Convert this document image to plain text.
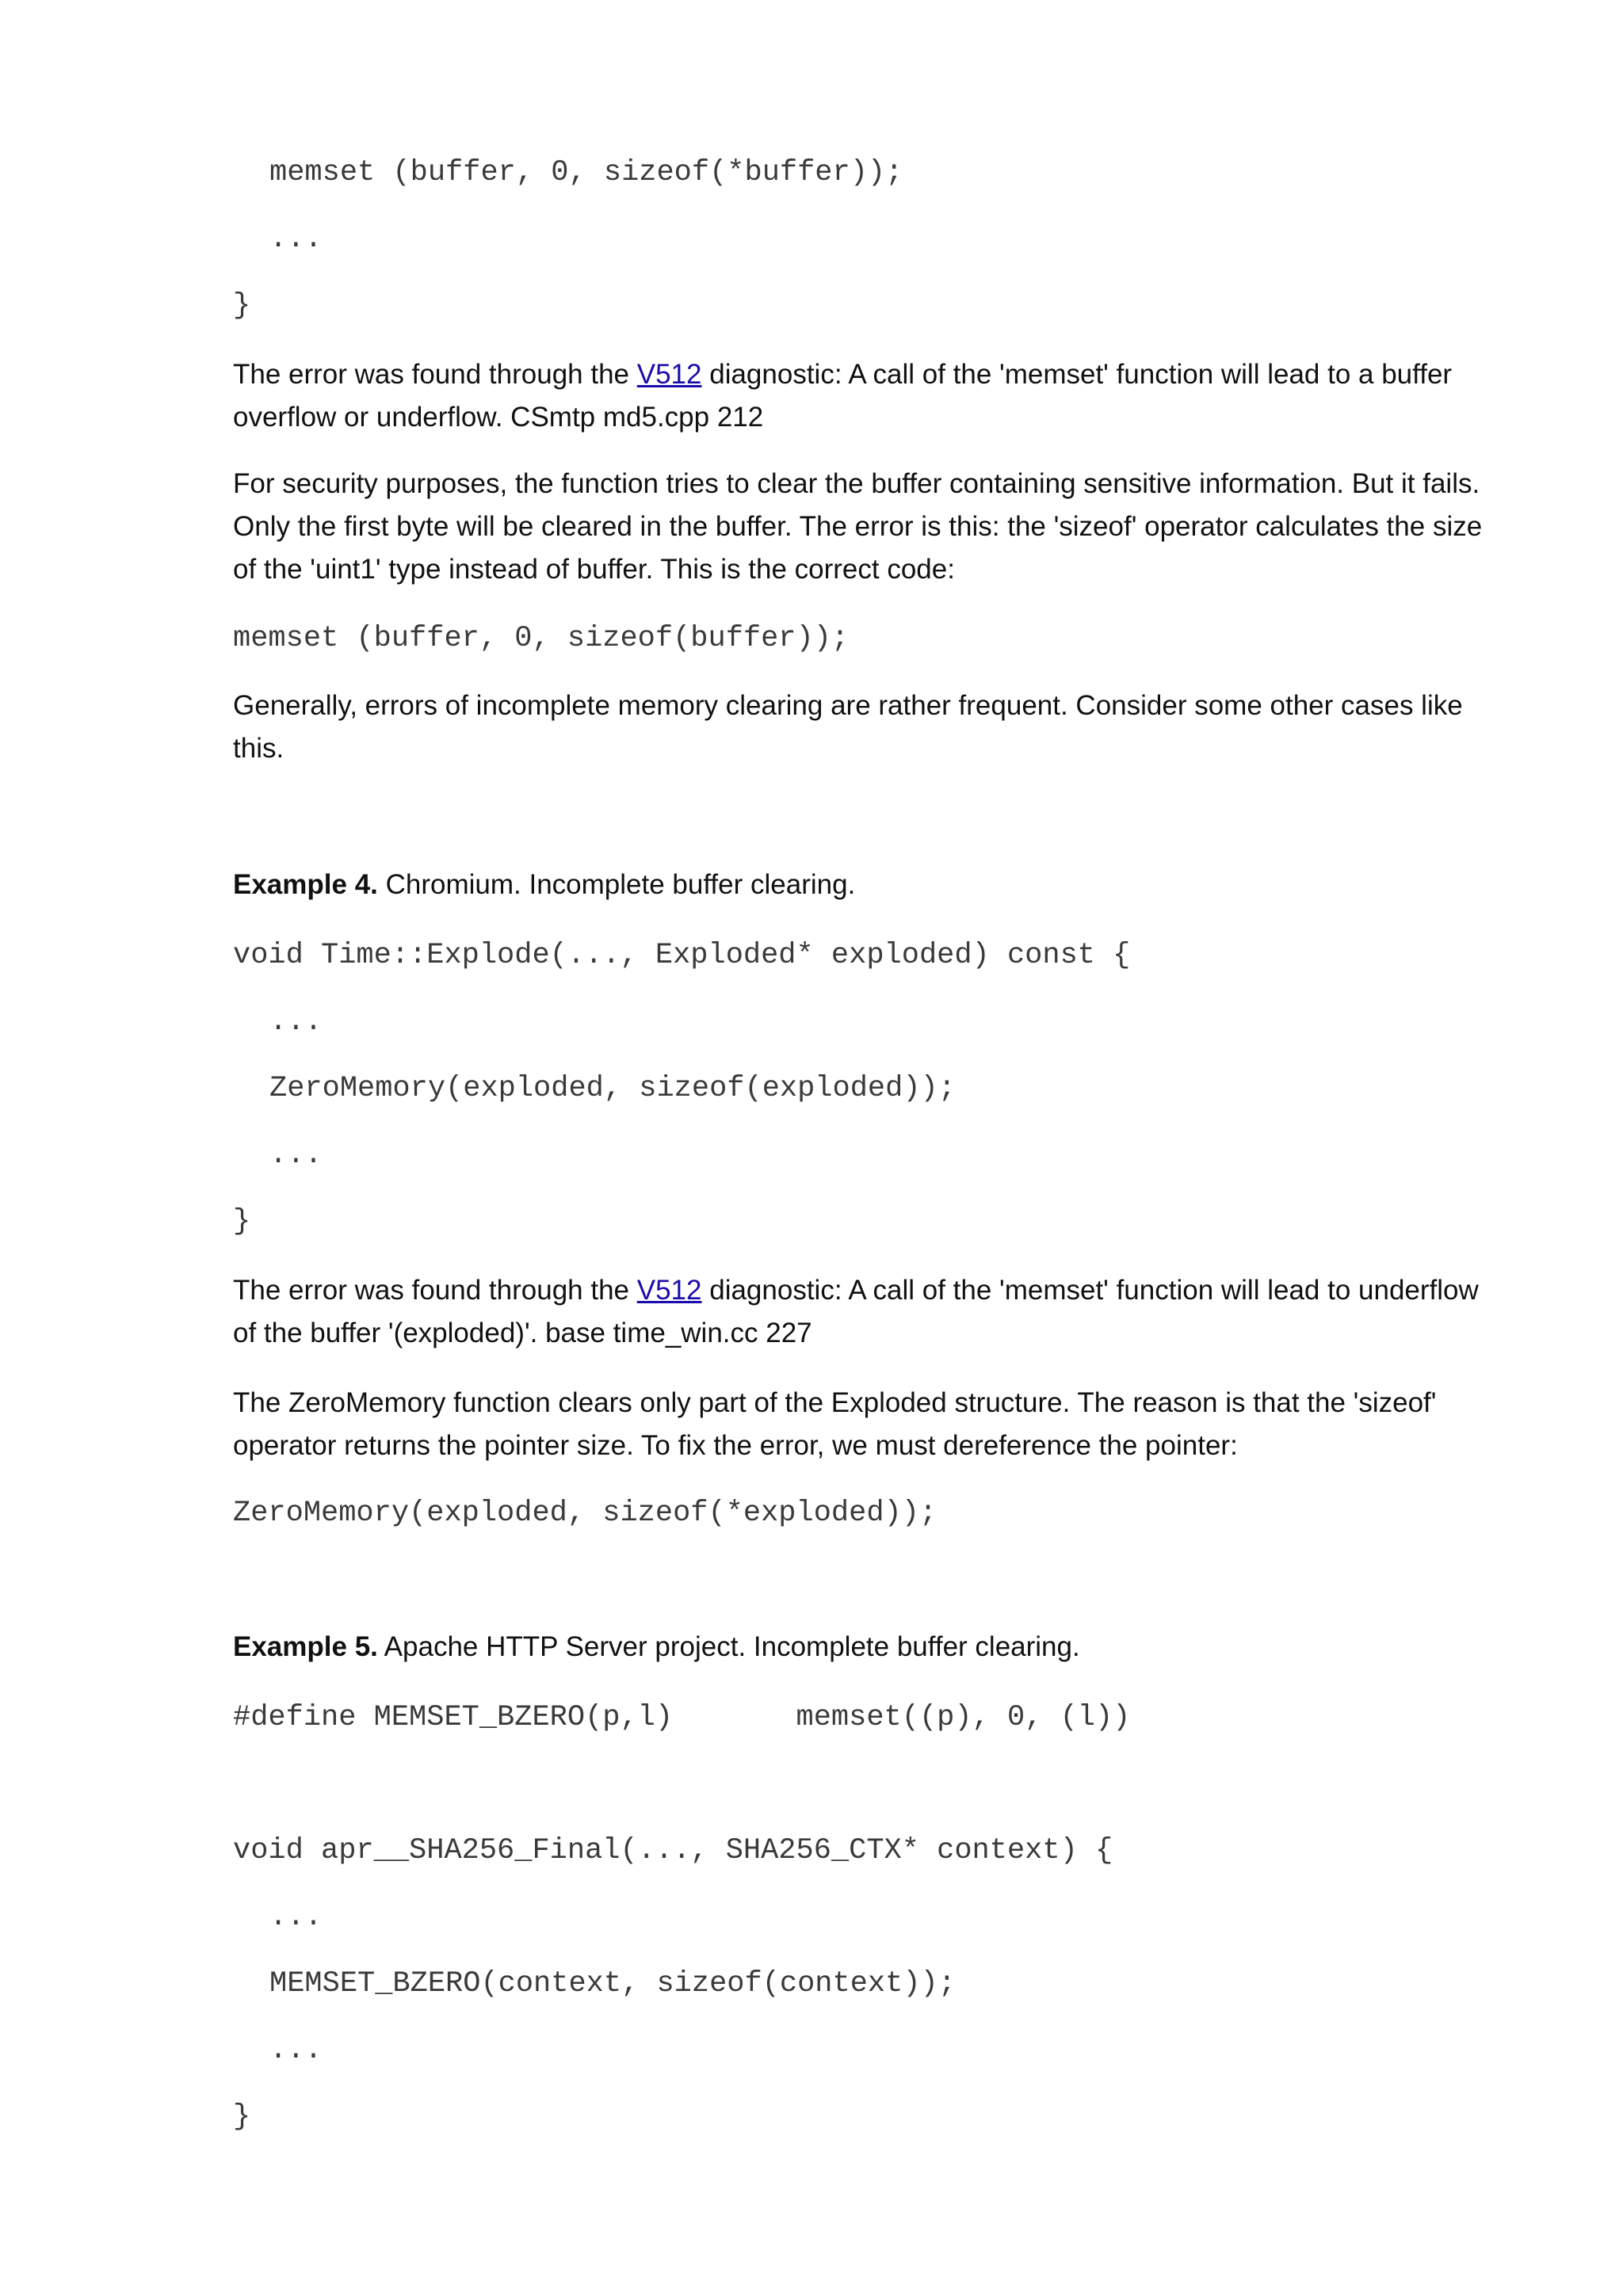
memset (buffer, 0, sizeof(*buffer));
...
}
The error was found through the V512 diagnostic: A call of the 'memset' function will lead to a buffer overflow or underflow. CSmtp md5.cpp 212
For security purposes, the function tries to clear the buffer containing sensitive information. But it fails. Only the first byte will be cleared in the buffer. The error is this: the 'sizeof' operator calculates the size of the 'uint1' type instead of buffer. This is the correct code:
memset (buffer, 0, sizeof(buffer));
Generally, errors of incomplete memory clearing are rather frequent. Consider some other cases like this.
Example 4. Chromium. Incomplete buffer clearing.
void Time::Explode(..., Exploded* exploded) const {
...
ZeroMemory(exploded, sizeof(exploded));
...
}
The error was found through the V512 diagnostic: A call of the 'memset' function will lead to underflow of the buffer '(exploded)'. base time_win.cc 227
The ZeroMemory function clears only part of the Exploded structure. The reason is that the 'sizeof' operator returns the pointer size. To fix the error, we must dereference the pointer:
ZeroMemory(exploded, sizeof(*exploded));
Example 5. Apache HTTP Server project. Incomplete buffer clearing.
#define MEMSET_BZERO(p,l)       memset((p), 0, (l))
void apr__SHA256_Final(..., SHA256_CTX* context) {
...
MEMSET_BZERO(context, sizeof(context));
...
}
